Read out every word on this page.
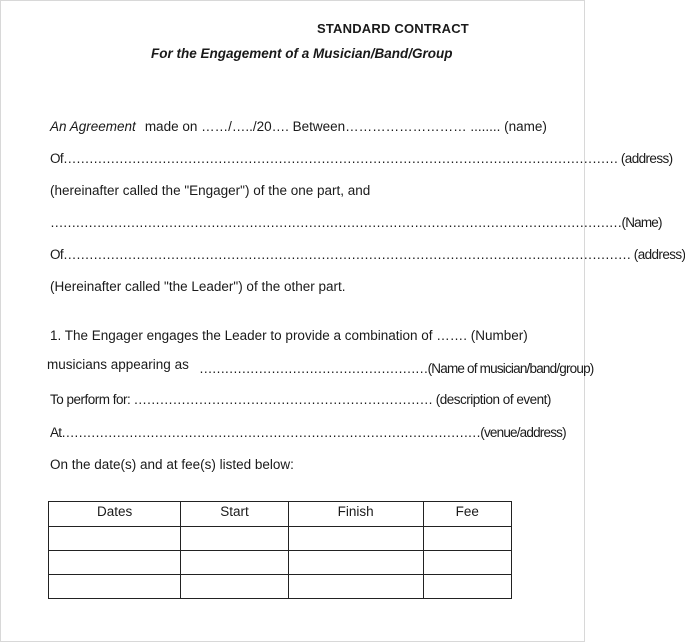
STANDARD CONTRACT
For the Engagement of a Musician/Band/Group
An Agreement made on ……/…../20…. Between……………………… ........ (name)
Of………………………………………………………………………………………………………………… (address)
(hereinafter called the "Engager") of the one part, and
………………………………………………………………………………………………………………………(Name)
Of…………………………………………………………………………………………………………………… (address)
(Hereinafter called "the Leader") of the other part.
1. The Engager engages the Leader to provide a combination of ……. (Number)
musicians appearing as ………………………………………………(Name of musician/band/group)
To perform for: …………………………………………………………… (description of event)
At………………………………………………………………………………………(venue/address)
On the date(s) and at fee(s) listed below:
Dates	Start	Finish	Fee
